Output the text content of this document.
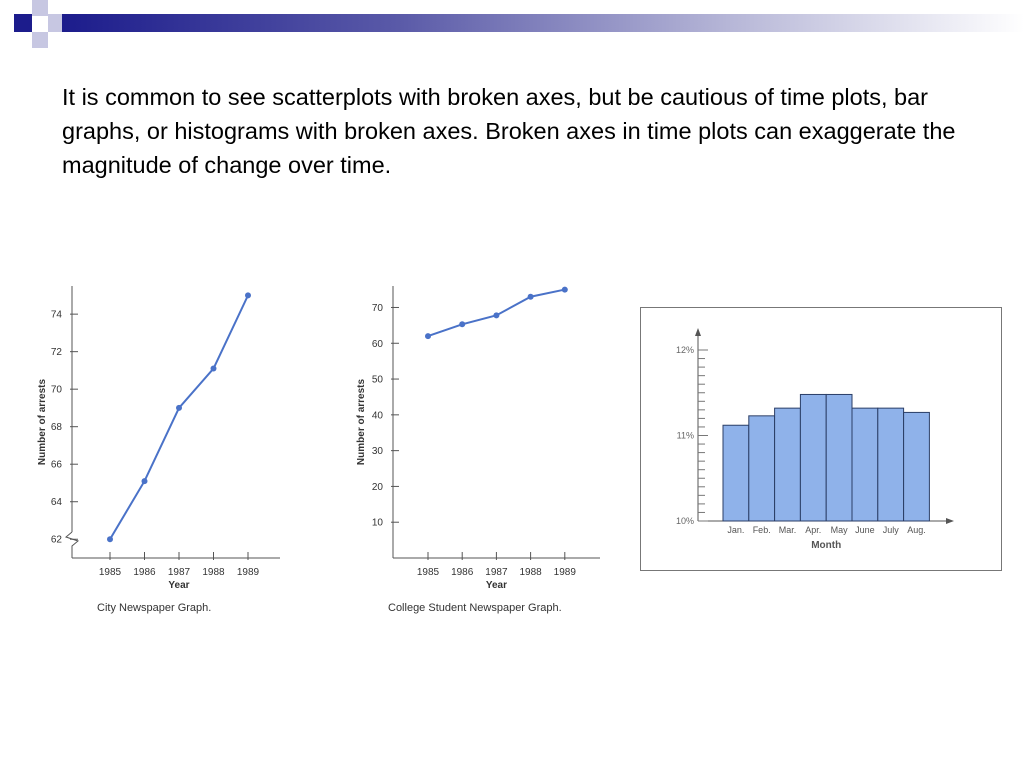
It is common to see scatterplots with broken axes, but be cautious of time plots, bar graphs, or histograms with broken axes. Broken axes in time plots can exaggerate the magnitude of change over time.

62
64
66
68
70
72
74
1985 1986 1987 1988 1989
Year
Number of arrests
City Newspaper Graph.
10
20
30
40
50
60
70
1985 1986 1987 1988 1989
Year
Number of arrests
College Student Newspaper Graph.
10%
11%
12%
Jan. Feb. Mar. Apr. May June July Aug.
Month
